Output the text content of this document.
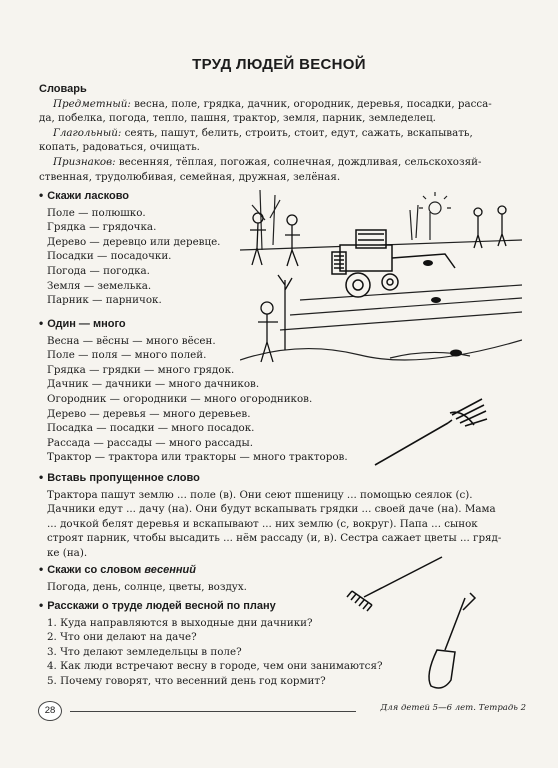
ТРУД ЛЮДЕЙ ВЕСНОЙ
Словарь
Предметный: весна, поле, грядка, дачник, огородник, деревья, посадки, расса-
да, побелка, погода, тепло, пашня, трактор, земля, парник, земледелец.
Глагольный: сеять, пашут, белить, строить, стоит, едут, сажать, вскапывать,
копать, радоваться, очищать.
Признаков: весенняя, тёплая, погожая, солнечная, дождливая, сельскохозяй-
ственная, трудолюбивая, семейная, дружная, зелёная.
• Скажи ласково
Поле — полюшко.
Грядка — грядочка.
Дерево — деревцо или деревце.
Посадки — посадочки.
Погода — погодка.
Земля — земелька.
Парник — парничок.
• Один — много
Весна — вёсны — много вёсен.
Поле — поля — много полей.
Грядка — грядки — много грядок.
Дачник — дачники — много дачников.
Огородник — огородники — много огородников.
Дерево — деревья — много деревьев.
Посадка — посадки — много посадок.
Рассада — рассады — много рассады.
Трактор — трактора или тракторы — много тракторов.
• Вставь пропущенное слово
Трактора пашут землю ... поле (в). Они сеют пшеницу ... помощью сеялок (с).
Дачники едут ... дачу (на). Они будут вскапывать грядки ... своей даче (на). Мама
... дочкой белят деревья и вскапывают ... них землю (с, вокруг). Папа ... сынок
строят парник, чтобы высадить ... нём рассаду (и, в). Сестра сажает цветы ... гряд-
ке (на).
• Скажи со словом весенний
Погода, день, солнце, цветы, воздух.
• Расскажи о труде людей весной по плану
1. Куда направляются в выходные дни дачники?
2. Что они делают на даче?
3. Что делают земледельцы в поле?
4. Как люди встречают весну в городе, чем они занимаются?
5. Почему говорят, что весенний день год кормит?
28	Для детей 5—6 лет. Тетрадь 2
